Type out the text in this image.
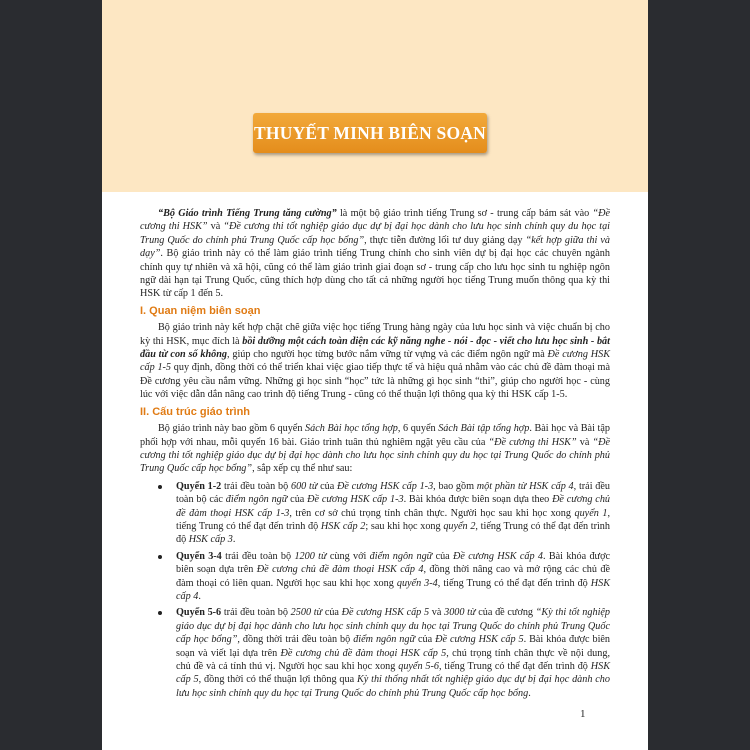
THUYẾT MINH BIÊN SOẠN

“Bộ Giáo trình Tiếng Trung tăng cường” là một bộ giáo trình tiếng Trung sơ - trung cấp bám sát vào “Đề cương thi HSK” và “Đề cương thi tốt nghiệp giáo dục dự bị đại học dành cho lưu học sinh chính quy du học tại Trung Quốc do chính phủ Trung Quốc cấp học bổng”, thực tiễn đường lối tư duy giảng dạy “kết hợp giữa thi và dạy”. Bộ giáo trình này có thể làm giáo trình tiếng Trung chính cho sinh viên dự bị đại học các chuyên ngành chính quy tự nhiên và xã hội, cũng có thể làm giáo trình giai đoạn sơ - trung cấp cho lưu học sinh tu nghiệp ngôn ngữ dài hạn tại Trung Quốc, cũng thích hợp dùng cho tất cả những người học tiếng Trung muốn thông qua kỳ thi HSK từ cấp 1 đến 5.

I. Quan niệm biên soạn

Bộ giáo trình này kết hợp chặt chẽ giữa việc học tiếng Trung hàng ngày của lưu học sinh và việc chuẩn bị cho kỳ thi HSK, mục đích là bồi dưỡng một cách toàn diện các kỹ năng nghe - nói - đọc - viết cho lưu học sinh - bắt đầu từ con số không, giúp cho người học từng bước nắm vững từ vựng và các điểm ngôn ngữ mà Đề cương HSK cấp 1-5 quy định, đồng thời có thể triển khai việc giao tiếp thực tế và hiệu quả nhằm vào các chủ đề đàm thoại mà Đề cương yêu cầu nắm vững. Những gì học sinh “học” tức là những gì học sinh “thi”, giúp cho người học - cùng lúc với việc dẫn dắn nâng cao trình độ tiếng Trung - cũng có thể thuận lợi thông qua kỳ thi HSK cấp 1-5.

II. Cấu trúc giáo trình

Bộ giáo trình này bao gồm 6 quyển Sách Bài học tổng hợp, 6 quyển Sách Bài tập tổng hợp. Bài học và Bài tập phối hợp với nhau, mỗi quyển 16 bài. Giáo trình tuân thủ nghiêm ngặt yêu cầu của “Đề cương thi HSK” và “Đề cương thi tốt nghiệp giáo dục dự bị đại học dành cho lưu học sinh chính quy du học tại Trung Quốc do chính phủ Trung Quốc cấp học bổng”, sắp xếp cụ thể như sau:

Quyển 1-2 trải đều toàn bộ 600 từ của Đề cương HSK cấp 1-3, bao gồm một phần từ HSK cấp 4, trải đều toàn bộ các điểm ngôn ngữ của Đề cương HSK cấp 1-3. Bài khóa được biên soạn dựa theo Đề cương chủ đề đàm thoại HSK cấp 1-3, trên cơ sở chú trọng tính chân thực. Người học sau khi học xong quyển 1, tiếng Trung có thể đạt đến trình độ HSK cấp 2; sau khi học xong quyển 2, tiếng Trung có thể đạt đến trình độ HSK cấp 3.
Quyển 3-4 trải đều toàn bộ 1200 từ cùng với điểm ngôn ngữ của Đề cương HSK cấp 4. Bài khóa được biên soạn dựa trên Đề cương chủ đề đàm thoại HSK cấp 4, đồng thời nâng cao và mở rộng các chủ đề đàm thoại có liên quan. Người học sau khi học xong quyển 3-4, tiếng Trung có thể đạt đến trình độ HSK cấp 4.
Quyển 5-6 trải đều toàn bộ 2500 từ của Đề cương HSK cấp 5 và 3000 từ của đề cương “Kỳ thi tốt nghiệp giáo dục dự bị đại học dành cho lưu học sinh chính quy du học tại Trung Quốc do chính phủ Trung Quốc cấp học bổng”, đồng thời trải đều toàn bộ điểm ngôn ngữ của Đề cương HSK cấp 5. Bài khóa được biên soạn và viết lại dựa trên Đề cương chủ đề đàm thoại HSK cấp 5, chú trọng tính chân thực về nội dung, chủ đề và cả tính thú vị. Người học sau khi học xong quyển 5-6, tiếng Trung có thể đạt đến trình độ HSK cấp 5, đồng thời có thể thuận lợi thông qua Kỳ thi thống nhất tốt nghiệp giáo dục dự bị đại học dành cho lưu học sinh chính quy du học tại Trung Quốc do chính phủ Trung Quốc cấp học bổng.
1
